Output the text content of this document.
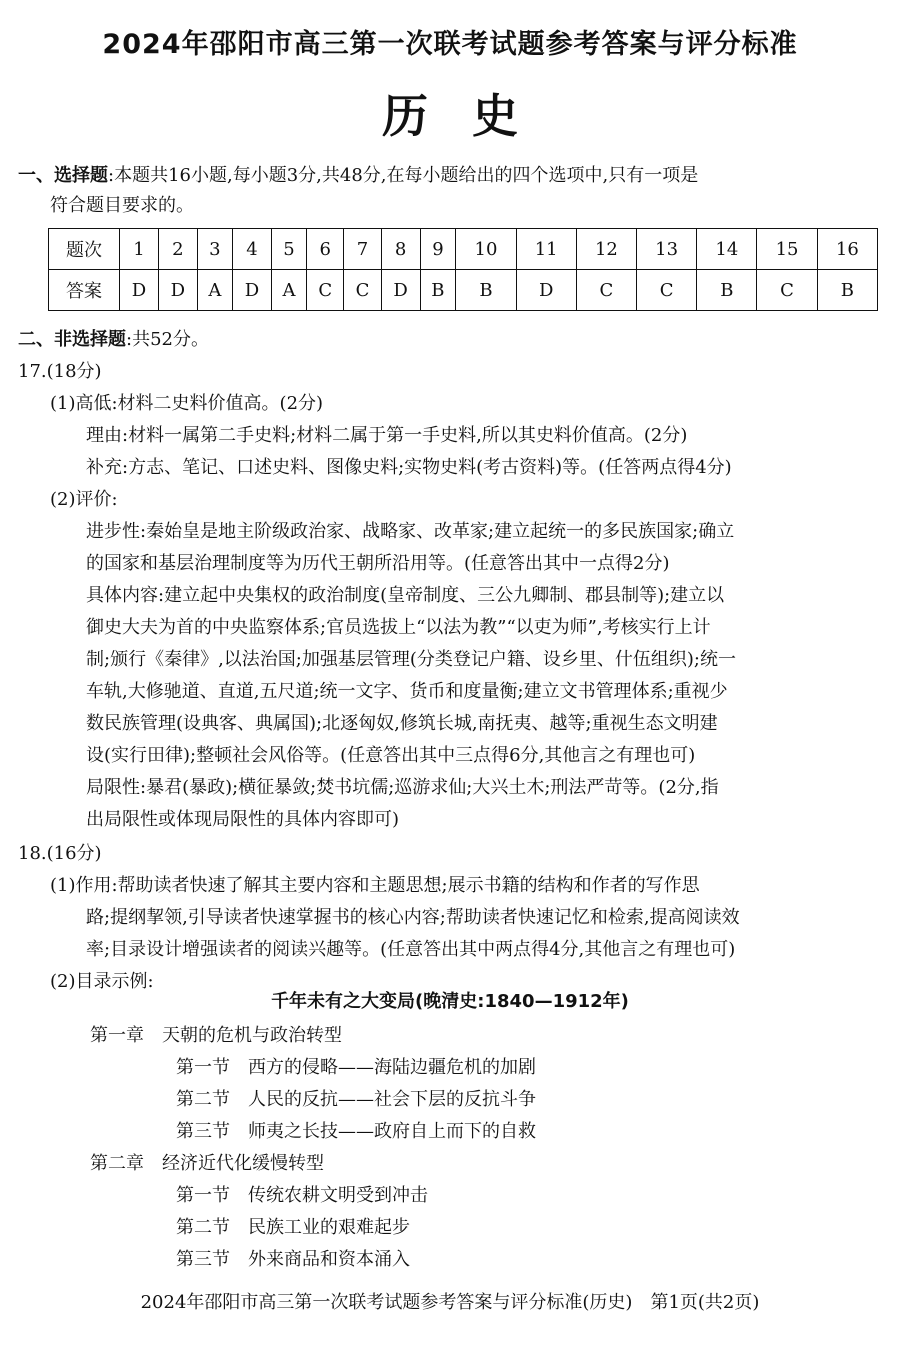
2024年邵阳市高三第一次联考试题参考答案与评分标准
历史
一、选择题:本题共16小题,每小题3分,共48分,在每小题给出的四个选项中,只有一项是
符合题目要求的。
题次	1	2	3	4	5	6	7	8	9	10	11	12	13	14	15	16
答案	D	D	A	D	A	C	C	D	B	B	D	C	C	B	C	B
二、非选择题:共52分。
17.(18分)
(1)高低:材料二史料价值高。(2分)
理由:材料一属第二手史料;材料二属于第一手史料,所以其史料价值高。(2分)
补充:方志、笔记、口述史料、图像史料;实物史料(考古资料)等。(任答两点得4分)
(2)评价:
进步性:秦始皇是地主阶级政治家、战略家、改革家;建立起统一的多民族国家;确立
的国家和基层治理制度等为历代王朝所沿用等。(任意答出其中一点得2分)
具体内容:建立起中央集权的政治制度(皇帝制度、三公九卿制、郡县制等);建立以
御史大夫为首的中央监察体系;官员选拔上“以法为教”“以吏为师”,考核实行上计
制;颁行《秦律》,以法治国;加强基层管理(分类登记户籍、设乡里、什伍组织);统一
车轨,大修驰道、直道,五尺道;统一文字、货币和度量衡;建立文书管理体系;重视少
数民族管理(设典客、典属国);北逐匈奴,修筑长城,南抚夷、越等;重视生态文明建
设(实行田律);整顿社会风俗等。(任意答出其中三点得6分,其他言之有理也可)
局限性:暴君(暴政);横征暴敛;焚书坑儒;巡游求仙;大兴土木;刑法严苛等。(2分,指
出局限性或体现局限性的具体内容即可)
18.(16分)
(1)作用:帮助读者快速了解其主要内容和主题思想;展示书籍的结构和作者的写作思
路;提纲挈领,引导读者快速掌握书的核心内容;帮助读者快速记忆和检索,提高阅读效
率;目录设计增强读者的阅读兴趣等。(任意答出其中两点得4分,其他言之有理也可)
(2)目录示例:
千年未有之大变局(晚清史:1840—1912年)
第一章　天朝的危机与政治转型
第一节　西方的侵略——海陆边疆危机的加剧
第二节　人民的反抗——社会下层的反抗斗争
第三节　师夷之长技——政府自上而下的自救
第二章　经济近代化缓慢转型
第一节　传统农耕文明受到冲击
第二节　民族工业的艰难起步
第三节　外来商品和资本涌入
2024年邵阳市高三第一次联考试题参考答案与评分标准(历史)　第1页(共2页)
